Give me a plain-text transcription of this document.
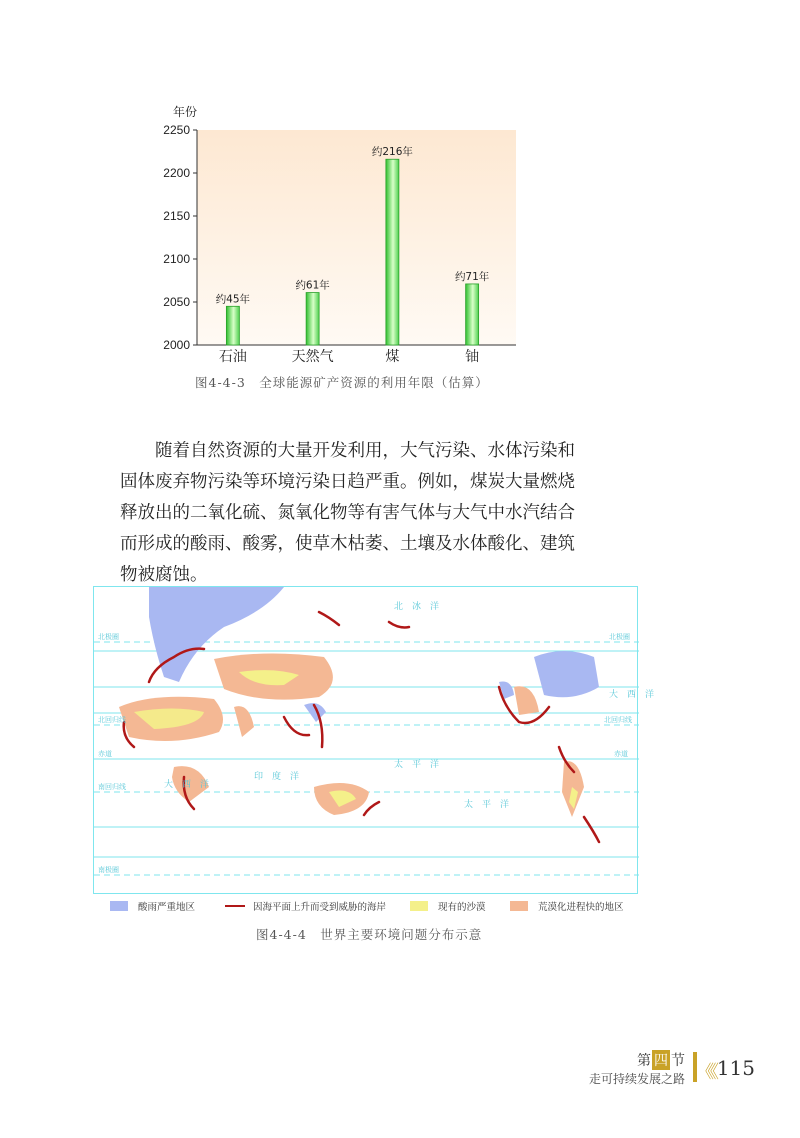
2000
2050
2100
2150
2200
2250
年份
约45年
石油
约61年
天然气
约216年
煤
约71年
铀
图4-4-3　全球能源矿产资源的利用年限（估算）
随着自然资源的大量开发利用，大气污染、水体污染和固体废弃物污染等环境污染日趋严重。例如，煤炭大量燃烧释放出的二氧化硫、氮氧化物等有害气体与大气中水汽结合而形成的酸雨、酸雾，使草木枯萎、土壤及水体酸化、建筑物被腐蚀。
北　冰　洋
大　西　洋
印　度　洋
太　平　洋
太　平　洋
大　西　洋
北极圈	北极圈
北回归线	北回归线
赤道	赤道
南回归线
南极圈
酸雨严重地区	因海平面上升而受到威胁的海岸	现有的沙漠	荒漠化进程快的地区
图4-4-4　世界主要环境问题分布示意
第 四 节
走可持续发展之路 《《 115
